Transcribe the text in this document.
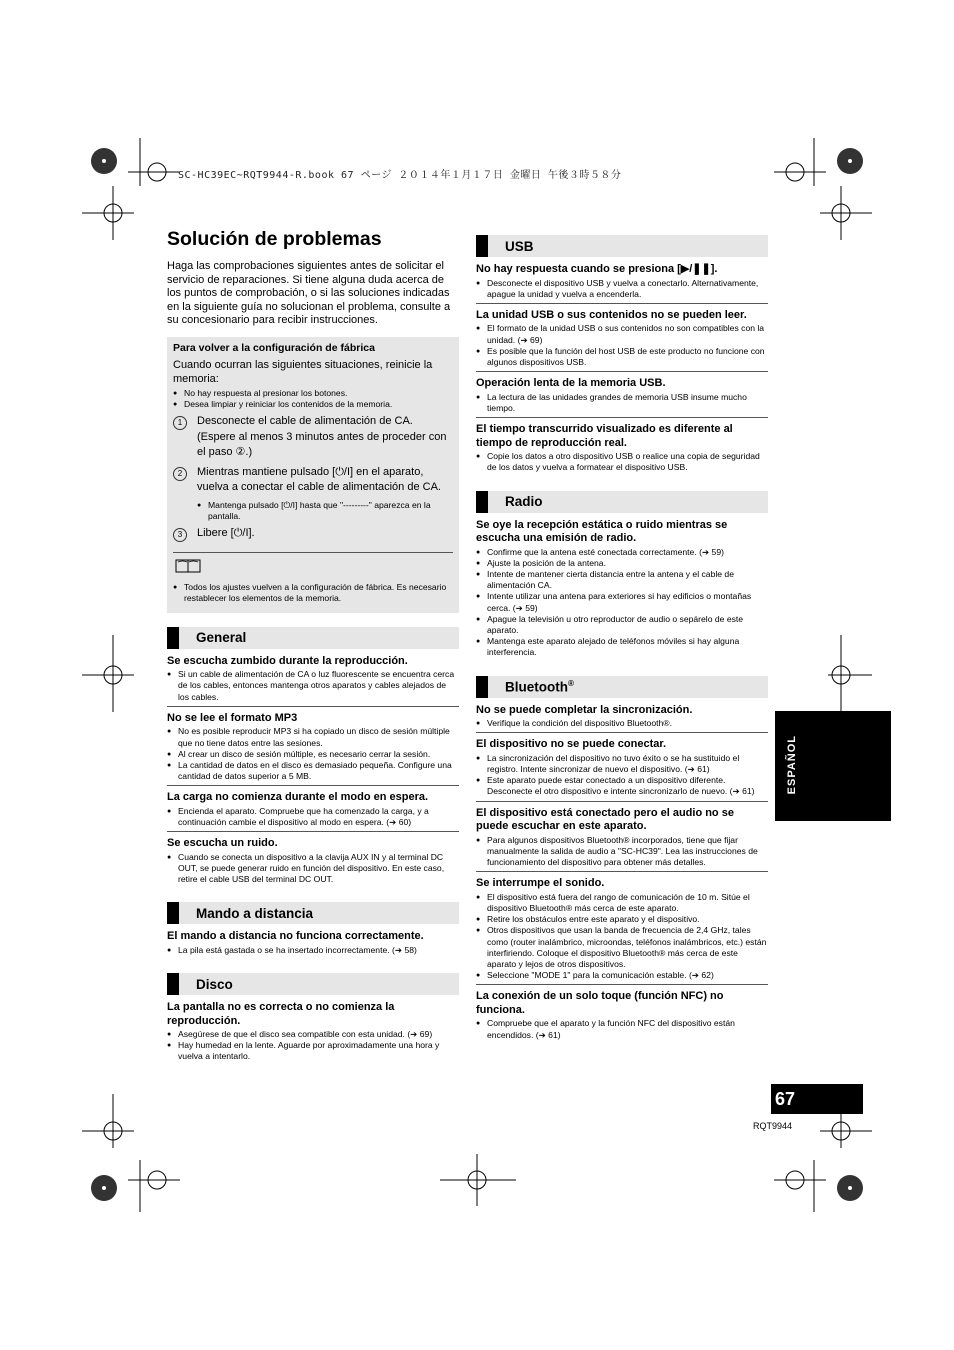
SC-HC39EC~RQT9944-R.book 67 ページ ２０１４年１月１７日 金曜日 午後３時５８分
Solución de problemas

Haga las comprobaciones siguientes antes de solicitar el servicio de reparaciones. Si tiene alguna duda acerca de los puntos de comprobación, o si las soluciones indicadas en la siguiente guía no solucionan el problema, consulte a su concesionario para recibir instrucciones.

Para volver a la configuración de fábrica
Cuando ocurran las siguientes situaciones, reinicie la memoria:
● No hay respuesta al presionar los botones.
● Desea limpiar y reiniciar los contenidos de la memoria.
1	Desconecte el cable de alimentación de CA. (Espere al menos 3 minutos antes de proceder con el paso ②.)
2	Mientras mantiene pulsado [⏻/I] en el aparato, vuelva a conectar el cable de alimentación de CA.
● Mantenga pulsado [⏻/I] hasta que "---------" aparezca en la pantalla.
3	Libere [⏻/I].
● Todos los ajustes vuelven a la configuración de fábrica. Es necesario restablecer los elementos de la memoria.
General
Se escucha zumbido durante la reproducción.
● Si un cable de alimentación de CA o luz fluorescente se encuentra cerca de los cables, entonces mantenga otros aparatos y cables alejados de los cables.
No se lee el formato MP3
● No es posible reproducir MP3 si ha copiado un disco de sesión múltiple que no tiene datos entre las sesiones.
● Al crear un disco de sesión múltiple, es necesario cerrar la sesión.
● La cantidad de datos en el disco es demasiado pequeña. Configure una cantidad de datos superior a 5 MB.
La carga no comienza durante el modo en espera.
● Encienda el aparato. Compruebe que ha comenzado la carga, y a continuación cambie el dispositivo al modo en espera. (➔ 60)
Se escucha un ruido.
● Cuando se conecta un dispositivo a la clavija AUX IN y al terminal DC OUT, se puede generar ruido en función del dispositivo. En este caso, retire el cable USB del terminal DC OUT.
Mando a distancia
El mando a distancia no funciona correctamente.
● La pila está gastada o se ha insertado incorrectamente. (➔ 58)
Disco
La pantalla no es correcta o no comienza la reproducción.
● Asegúrese de que el disco sea compatible con esta unidad. (➔ 69)
● Hay humedad en la lente. Aguarde por aproximadamente una hora y vuelva a intentarlo.
USB
No hay respuesta cuando se presiona [▶/❚❚].
● Desconecte el dispositivo USB y vuelva a conectarlo. Alternativamente, apague la unidad y vuelva a encenderla.
La unidad USB o sus contenidos no se pueden leer.
● El formato de la unidad USB o sus contenidos no son compatibles con la unidad. (➔ 69)
● Es posible que la función del host USB de este producto no funcione con algunos dispositivos USB.
Operación lenta de la memoria USB.
● La lectura de las unidades grandes de memoria USB insume mucho tiempo.
El tiempo transcurrido visualizado es diferente al tiempo de reproducción real.
● Copie los datos a otro dispositivo USB o realice una copia de seguridad de los datos y vuelva a formatear el dispositivo USB.
Radio
Se oye la recepción estática o ruido mientras se escucha una emisión de radio.
● Confirme que la antena esté conectada correctamente. (➔ 59)
● Ajuste la posición de la antena.
● Intente de mantener cierta distancia entre la antena y el cable de alimentación CA.
● Intente utilizar una antena para exteriores si hay edificios o montañas cerca. (➔ 59)
● Apague la televisión u otro reproductor de audio o sepárelo de este aparato.
● Mantenga este aparato alejado de teléfonos móviles si hay alguna interferencia.
Bluetooth®
No se puede completar la sincronización.
● Verifique la condición del dispositivo Bluetooth®.
El dispositivo no se puede conectar.
● La sincronización del dispositivo no tuvo éxito o se ha sustituido el registro. Intente sincronizar de nuevo el dispositivo. (➔ 61)
● Este aparato puede estar conectado a un dispositivo diferente. Desconecte el otro dispositivo e intente sincronizarlo de nuevo. (➔ 61)
El dispositivo está conectado pero el audio no se puede escuchar en este aparato.
● Para algunos dispositivos Bluetooth® incorporados, tiene que fijar manualmente la salida de audio a "SC-HC39". Lea las instrucciones de funcionamiento del dispositivo para obtener más detalles.
Se interrumpe el sonido.
● El dispositivo está fuera del rango de comunicación de 10 m. Sitúe el dispositivo Bluetooth® más cerca de este aparato.
● Retire los obstáculos entre este aparato y el dispositivo.
● Otros dispositivos que usan la banda de frecuencia de 2,4 GHz, tales como (router inalámbrico, microondas, teléfonos inalámbricos, etc.) están interfiriendo. Coloque el dispositivo Bluetooth® más cerca de este aparato y lejos de otros dispositivos.
● Seleccione "MODE 1" para la comunicación estable. (➔ 62)
La conexión de un solo toque (función NFC) no funciona.
● Compruebe que el aparato y la función NFC del dispositivo están encendidos. (➔ 61)
ESPAÑOL
67
RQT9944
